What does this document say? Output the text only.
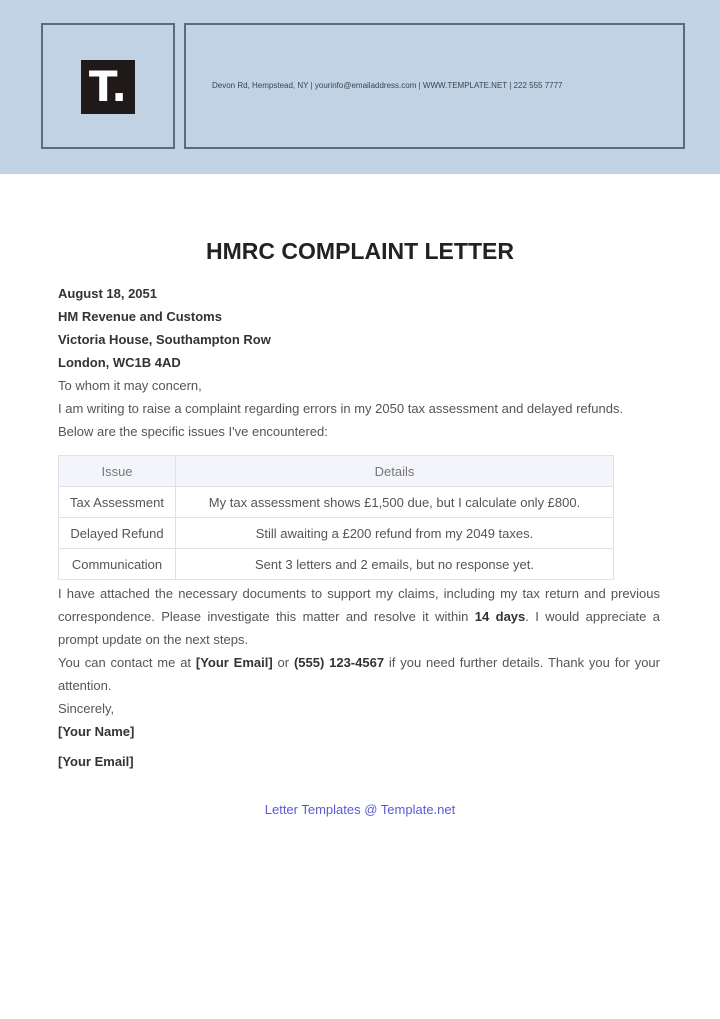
T.	Devon Rd, Hempstead, NY | yourinfo@emailaddress.com | WWW.TEMPLATE.NET | 222 555 7777
HMRC COMPLAINT LETTER
August 18, 2051
HM Revenue and Customs
Victoria House, Southampton Row
London, WC1B 4AD
To whom it may concern,
I am writing to raise a complaint regarding errors in my 2050 tax assessment and delayed refunds.
Below are the specific issues I've encountered:
Issue	Details
Tax Assessment	My tax assessment shows £1,500 due, but I calculate only £800.
Delayed Refund	Still awaiting a £200 refund from my 2049 taxes.
Communication	Sent 3 letters and 2 emails, but no response yet.
I have attached the necessary documents to support my claims, including my tax return and previous correspondence. Please investigate this matter and resolve it within 14 days. I would appreciate a prompt update on the next steps.
You can contact me at [Your Email] or (555) 123-4567 if you need further details. Thank you for your attention.
Sincerely,
[Your Name]
[Your Email]
Letter Templates @ Template.net
